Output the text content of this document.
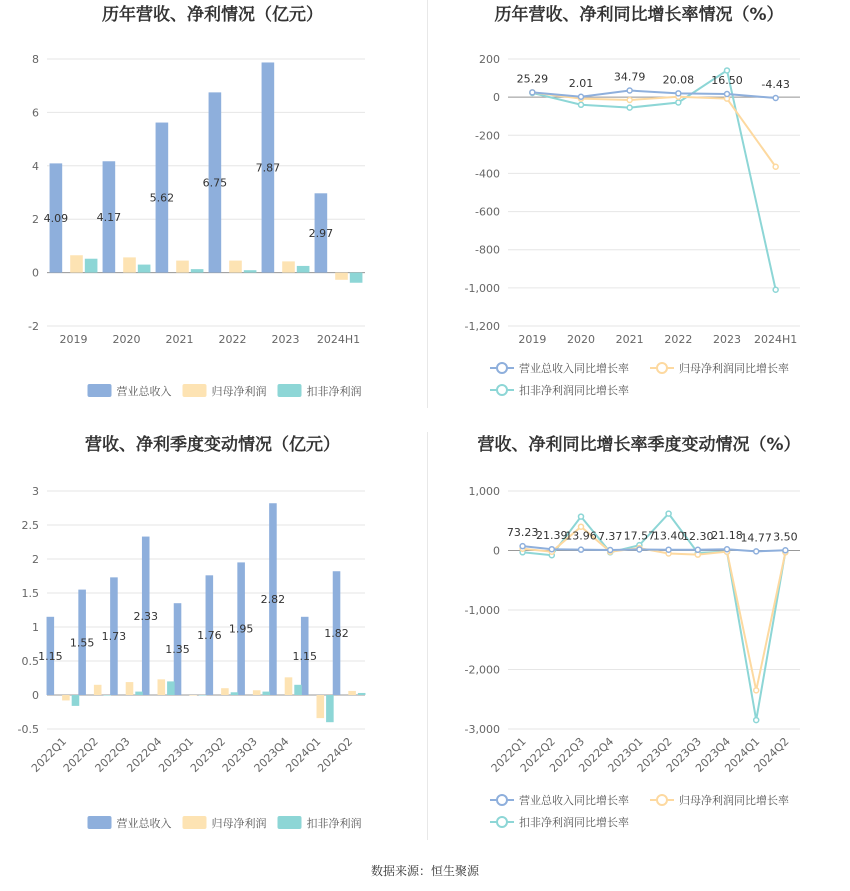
历年营收、净利情况（亿元）
-2
0
2
4
6
8
2019 2020 2021 2022 2023 2024H1
4.09	4.17
5.62
6.75
7.87
2.97
营业总收入	归母净利润	扣非净利润
历年营收、净利同比增长率情况（%）
-1,200
-1,000
-800
-600
-400
-200
0
200
2019 2020 2021 2022 2023 2024H1
25.29 2.01 34.79 20.08 16.50 -4.43
营业总收入同比增长率	归母净利润同比增长率
扣非净利润同比增长率
营收、净利季度变动情况（亿元）
-0.5
0
0.5
1
1.5
2
2.5
3
2022Q1
2022Q2
2022Q3
2022Q4
2023Q1
2023Q2
2023Q3
2023Q4
2024Q1
2024Q2
1.15
1.55 1.73
2.33
1.35
1.76 1.95
2.82
1.15
1.82
营业总收入	归母净利润	扣非净利润
营收、净利同比增长率季度变动情况（%）
-3,000
-2,000
-1,000
0
1,000
2022Q1
2022Q2
2022Q3
2022Q4
2023Q1
2023Q2
2023Q3
2023Q4
2024Q1
2024Q2
73.23
21.39
13.96 7.37 17.57
13.40
12.30
21.18
14.77 3.50
营业总收入同比增长率	归母净利润同比增长率
扣非净利润同比增长率
数据来源：恒生聚源
